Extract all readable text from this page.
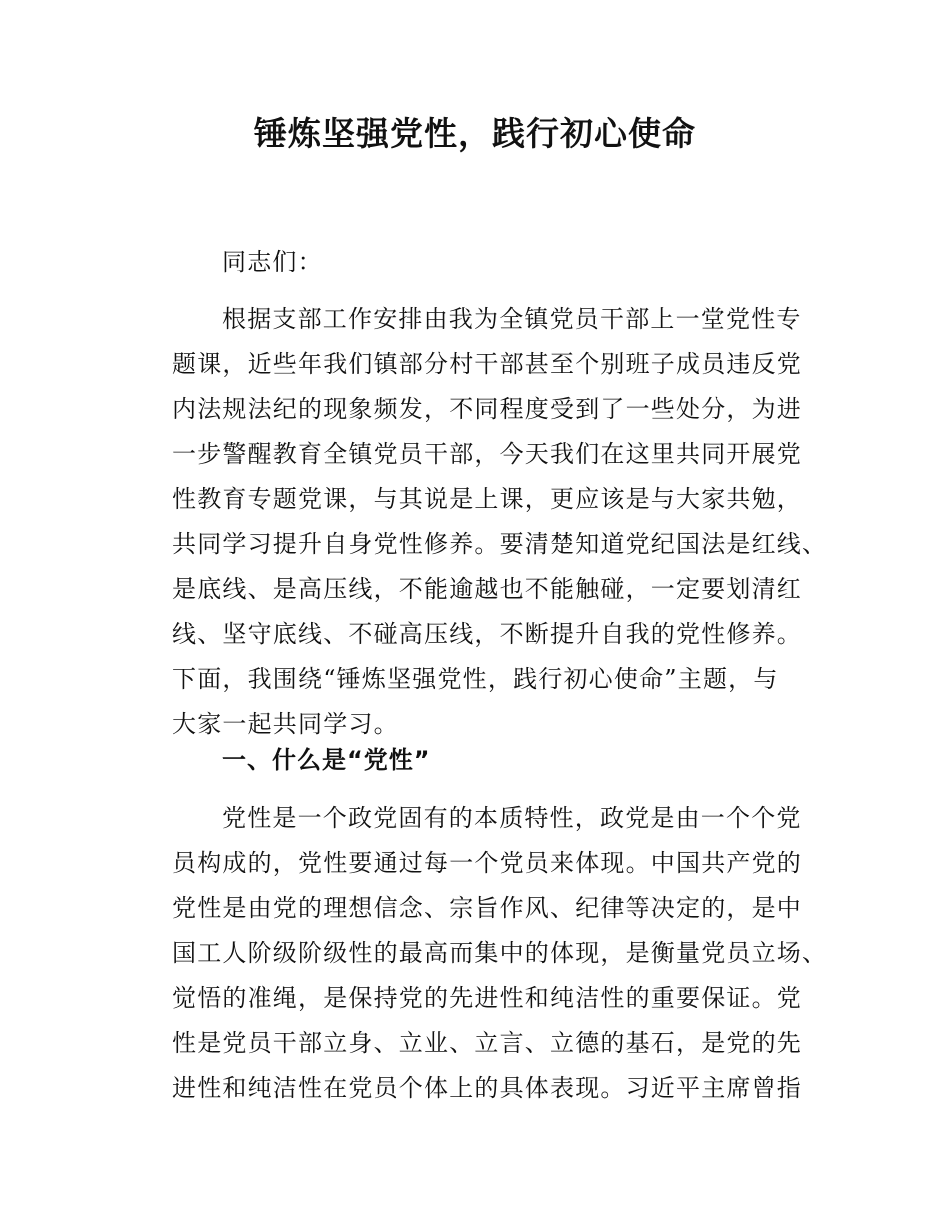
锤炼坚强党性，践行初心使命

同志们：

根据支部工作安排由我为全镇党员干部上一堂党性专
题课，近些年我们镇部分村干部甚至个别班子成员违反党
内法规法纪的现象频发，不同程度受到了一些处分，为进
一步警醒教育全镇党员干部，今天我们在这里共同开展党
性教育专题党课，与其说是上课，更应该是与大家共勉，
共同学习提升自身党性修养。要清楚知道党纪国法是红线、
是底线、是高压线，不能逾越也不能触碰，一定要划清红
线、坚守底线、不碰高压线，不断提升自我的党性修养。
下面，我围绕“锤炼坚强党性，践行初心使命”主题，与
大家一起共同学习。

一、什么是“党性”

党性是一个政党固有的本质特性，政党是由一个个党
员构成的，党性要通过每一个党员来体现。中国共产党的
党性是由党的理想信念、宗旨作风、纪律等决定的，是中
国工人阶级阶级性的最高而集中的体现，是衡量党员立场、
觉悟的准绳，是保持党的先进性和纯洁性的重要保证。党
性是党员干部立身、立业、立言、立德的基石，是党的先
进性和纯洁性在党员个体上的具体表现。习近平主席曾指
